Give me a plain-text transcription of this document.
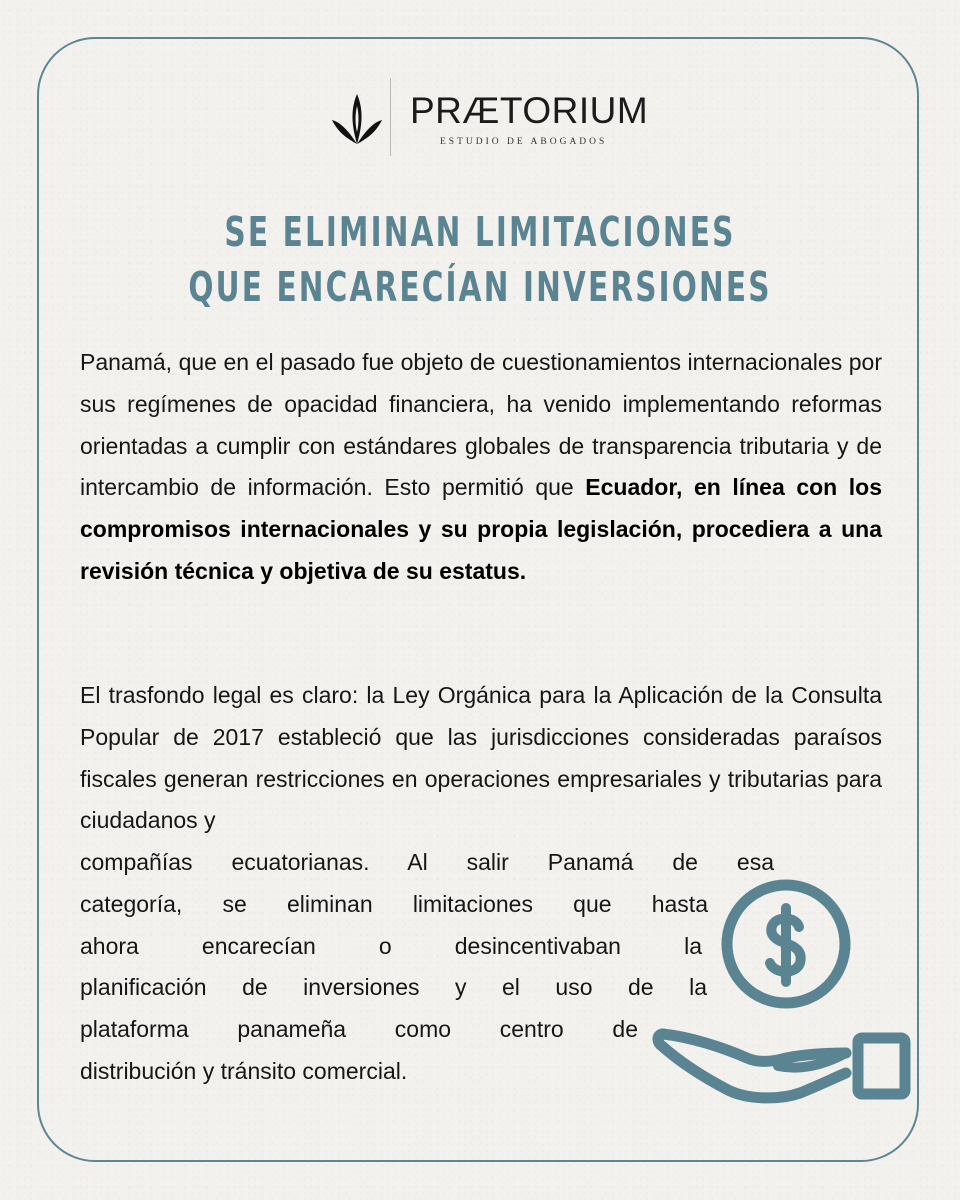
PRÆTORIUM
ESTUDIO DE ABOGADOS
SE ELIMINAN LIMITACIONES
QUE ENCARECÍAN INVERSIONES
Panamá, que en el pasado fue objeto de cuestionamientos internacionales por sus regímenes de opacidad financiera, ha venido implementando reformas orientadas a cumplir con estándares globales de transparencia tributaria y de intercambio de información. Esto permitió que Ecuador, en línea con los compromisos internacionales y su propia legislación, procediera a una revisión técnica y objetiva de su estatus.
El trasfondo legal es claro: la Ley Orgánica para la Aplicación de la Consulta Popular de 2017 estableció que las jurisdicciones consideradas paraísos fiscales generan restricciones en operaciones empresariales y tributarias para ciudadanos y
compañías ecuatorianas. Al salir Panamá de esa
categoría, se eliminan limitaciones que hasta
ahora encarecían o desincentivaban la
planificación de inversiones y el uso de la
plataforma panameña como centro de
distribución y tránsito comercial.
